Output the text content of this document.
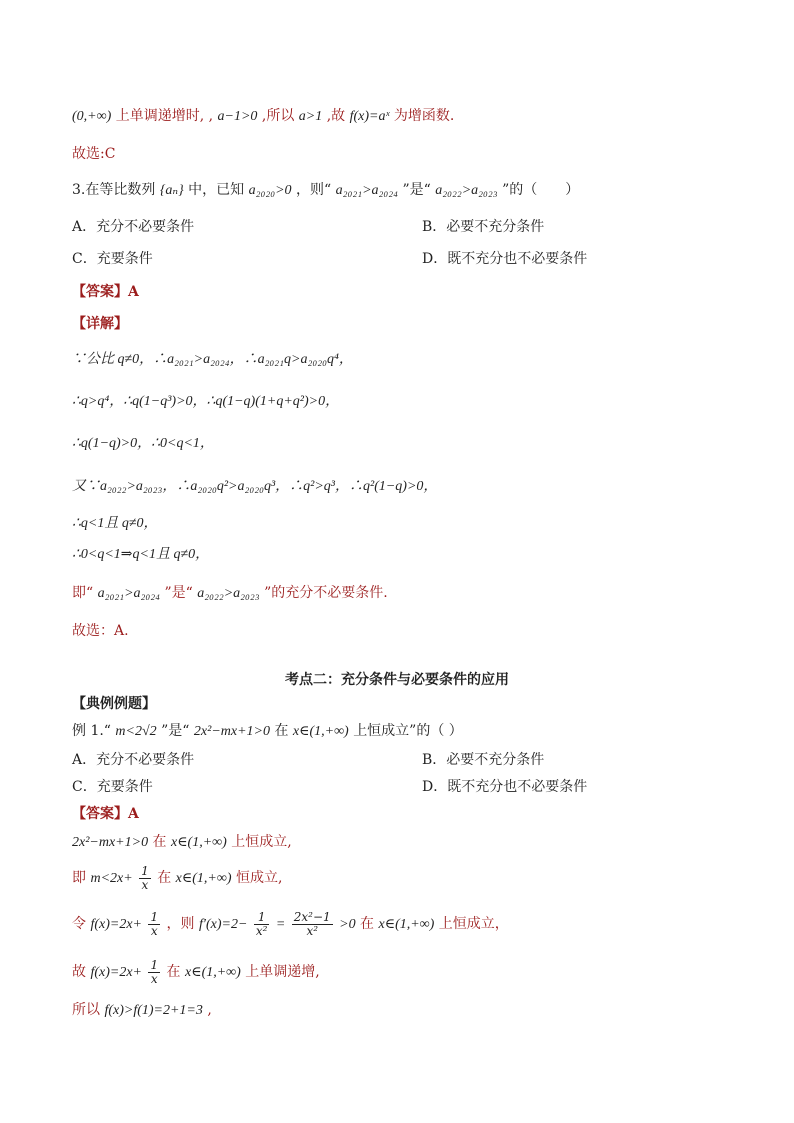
(0,+∞) 上单调递增时, , a−1>0 ,所以 a>1 ,故 f(x)=aˣ 为增函数.
故选:C
3.在等比数列 {aₙ} 中，已知 a₂₀₂₀>0 ，则“ a₂₀₂₁>a₂₀₂₄ ”是“ a₂₀₂₂>a₂₀₂₃ ”的（　　）
A．充分不必要条件	B．必要不充分条件
C．充要条件	D．既不充分也不必要条件
【答案】A
【详解】
∵公比 q≠0，∴a₂₀₂₁>a₂₀₂₄，∴a₂₀₂₁q>a₂₀₂₀q⁴，
∴q>q⁴，∴q(1−q³)>0，∴q(1−q)(1+q+q²)>0，
∴q(1−q)>0，∴0<q<1，
又∵a₂₀₂₂>a₂₀₂₃，∴a₂₀₂₀q²>a₂₀₂₀q³，∴q²>q³，∴q²(1−q)>0，
∴q<1且 q≠0，
∴0<q<1⇒q<1且 q≠0，
即“ a₂₀₂₁>a₂₀₂₄ ”是“ a₂₀₂₂>a₂₀₂₃ ”的充分不必要条件.
故选：A.
考点二：充分条件与必要条件的应用
【典例例题】
例 1.“ m<2√2 ”是“ 2x²−mx+1>0 在 x∈(1,+∞) 上恒成立”的（ ）
A．充分不必要条件	B．必要不充分条件
C．充要条件	D．既不充分也不必要条件
【答案】A
2x²−mx+1>0 在 x∈(1,+∞) 上恒成立,
即 $m<2x+ \frac{1}{x}$ 在 x∈(1,+∞) 恒成立,
令 $f(x)=2x+ \frac{1}{x}$ ，则 $f'(x)=2- \frac{1}{\text{x²}} = \frac{\text{2x²−1}}{\text{x²}} >0$ 在 x∈(1,+∞) 上恒成立，
故 $f(x)=2x+ \frac{1}{x}$ 在 x∈(1,+∞) 上单调递增,
所以 f(x)>f(1)=2+1=3 ,
